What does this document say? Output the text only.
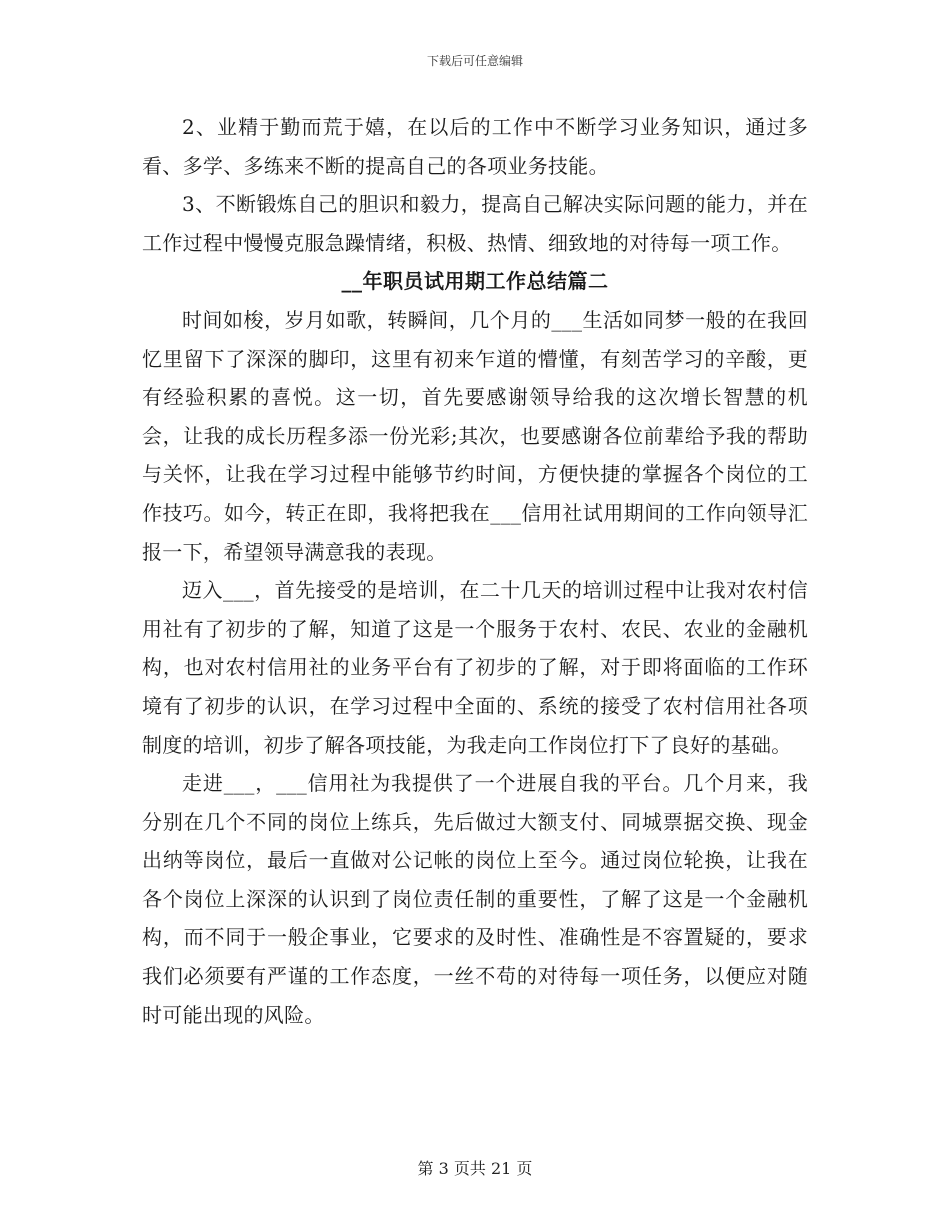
下载后可任意编辑

2、业精于勤而荒于嬉，在以后的工作中不断学习业务知识，通过多看、多学、多练来不断的提高自己的各项业务技能。

3、不断锻炼自己的胆识和毅力，提高自己解决实际问题的能力，并在工作过程中慢慢克服急躁情绪，积极、热情、细致地的对待每一项工作。

__年职员试用期工作总结篇二

时间如梭，岁月如歌，转瞬间，几个月的___生活如同梦一般的在我回忆里留下了深深的脚印，这里有初来乍道的懵懂，有刻苦学习的辛酸，更有经验积累的喜悦。这一切，首先要感谢领导给我的这次增长智慧的机会，让我的成长历程多添一份光彩;其次，也要感谢各位前辈给予我的帮助与关怀，让我在学习过程中能够节约时间，方便快捷的掌握各个岗位的工作技巧。如今，转正在即，我将把我在___信用社试用期间的工作向领导汇报一下，希望领导满意我的表现。

迈入___，首先接受的是培训，在二十几天的培训过程中让我对农村信用社有了初步的了解，知道了这是一个服务于农村、农民、农业的金融机构，也对农村信用社的业务平台有了初步的了解，对于即将面临的工作环境有了初步的认识，在学习过程中全面的、系统的接受了农村信用社各项制度的培训，初步了解各项技能，为我走向工作岗位打下了良好的基础。

走进___，___信用社为我提供了一个进展自我的平台。几个月来，我分别在几个不同的岗位上练兵，先后做过大额支付、同城票据交换、现金出纳等岗位，最后一直做对公记帐的岗位上至今。通过岗位轮换，让我在各个岗位上深深的认识到了岗位责任制的重要性，了解了这是一个金融机构，而不同于一般企事业，它要求的及时性、准确性是不容置疑的，要求我们必须要有严谨的工作态度，一丝不苟的对待每一项任务，以便应对随时可能出现的风险。

第 3 页共 21 页
